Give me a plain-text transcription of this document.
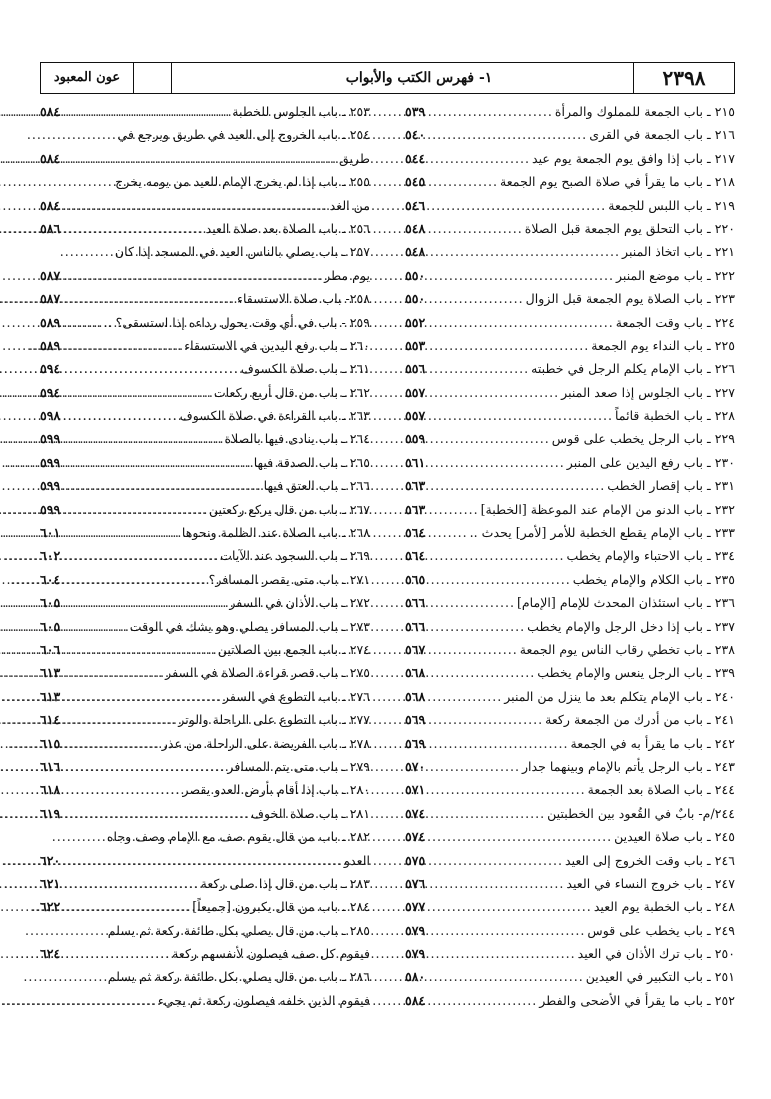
٢٣٩٨
١- فهرس الكتب والأبواب
عون المعبود
٢١٥ ـ باب الجمعة للمملوك والمرأة
.....
٥٣٩
٢١٦ ـ باب الجمعة في القرى
.....
٥٤٠
٢١٧ ـ باب إذا وافق يوم الجمعة يوم عيد
.....
٥٤٤
٢١٨ ـ باب ما يقرأ في صلاة الصبح يوم الجمعة
.....
٥٤٥
٢١٩ ـ باب اللبس للجمعة
.....
٥٤٦
٢٢٠ ـ باب التحلق يوم الجمعة قبل الصلاة
.....
٥٤٨
٢٢١ ـ باب اتخاذ المنبر
.....
٥٤٨
٢٢٢ ـ باب موضع المنبر
.....
٥٥٠
٢٢٣ ـ باب الصلاة يوم الجمعة قبل الزوال
.....
٥٥٠
٢٢٤ ـ باب وقت الجمعة
.....
٥٥٢
٢٢٥ ـ باب النداء يوم الجمعة
.....
٥٥٣
٢٢٦ ـ باب الإمام يكلم الرجل في خطبته
.....
٥٥٦
٢٢٧ ـ باب الجلوس إذا صعد المنبر
.....
٥٥٧
٢٢٨ ـ باب الخطبة قائماً
.....
٥٥٧
٢٢٩ ـ باب الرجل يخطب على قوس
.....
٥٥٩
٢٣٠ ـ باب رفع اليدين على المنبر
.....
٥٦١
٢٣١ ـ باب إقصار الخطب
.....
٥٦٣
٢٣٢ ـ باب الدنو من الإمام عند الموعظة [الخطبة]
.....
٥٦٣
٢٣٣ ـ باب الإمام يقطع الخطبة للأمر [لأمر] يحدث ..
.....
٥٦٤
٢٣٤ ـ باب الاحتباء والإمام يخطب
.....
٥٦٤
٢٣٥ ـ باب الكلام والإمام يخطب
.....
٥٦٥
٢٣٦ ـ باب استئذان المحدث للإمام [الإمام]
.....
٥٦٦
٢٣٧ ـ باب إذا دخل الرجل والإمام يخطب
.....
٥٦٦
٢٣٨ ـ باب تخطي رقاب الناس يوم الجمعة
.....
٥٦٧
٢٣٩ ـ باب الرجل ينعس والإمام يخطب
.....
٥٦٨
٢٤٠ ـ باب الإمام يتكلم بعد ما ينزل من المنبر
.....
٥٦٨
٢٤١ ـ باب من أدرك من الجمعة ركعة
.....
٥٦٩
٢٤٢ ـ باب ما يقرأ به في الجمعة
.....
٥٦٩
٢٤٣ ـ باب الرجل يأتم بالإمام وبينهما جدار
.....
٥٧٠
٢٤٤ ـ باب الصلاة بعد الجمعة
.....
٥٧١
٢٤٤/م- بابٌ في القُعود بين الخطبتين
.....
٥٧٤
٢٤٥ ـ باب صلاة العيدين
.....
٥٧٤
٢٤٦ ـ باب وقت الخروج إلى العيد
.....
٥٧٥
٢٤٧ ـ باب خروج النساء في العيد
.....
٥٧٦
٢٤٨ ـ باب الخطبة يوم العيد
.....
٥٧٧
٢٤٩ ـ باب يخطب على قوس
.....
٥٧٩
٢٥٠ ـ باب ترك الأذان في العيد
.....
٥٧٩
٢٥١ ـ باب التكبير في العيدين
.....
٥٨٠
٢٥٢ ـ باب ما يقرأ في الأضحى والفطر
.....
٥٨٤
٢٥٣ ـ باب الجلوس للخطبة
.....
٥٨٤
٢٥٤ ـ باب الخروج إلى العيد في طريق ويرجع في
طريق
.....
٥٨٤
٢٥٥ ـ باب إذا لم يخرج الإمام للعيد من يومه يخرج
من الغد
.....
٥٨٤
٢٥٦ ـ باب الصلاة بعد صلاة العيد
.....
٥٨٦
٢٥٧ ـ باب يصلي بالناس العيد في المسجد إذا كان
يوم مطر
.....
٥٨٧
٢٥٨- باب صلاة الاستسقاء
.....
٥٨٧
٢٥٩ - باب في أي وقت يحول رداءه إذا استسقى؟ ..
.....
٥٨٩
٢٦٠ ـ باب رفع اليدين في الاستسقاء
.....
٥٨٩
٢٦١ ـ باب صلاة الكسوف
.....
٥٩٤
٢٦٢ ـ باب من قال أربع ركعات
.....
٥٩٤
٢٦٣ ـ باب القراءة في صلاة الكسوف
.....
٥٩٨
٢٦٤ ـ باب ينادى فيها بالصلاة
.....
٥٩٩
٢٦٥ ـ باب الصدقة فيها
.....
٥٩٩
٢٦٦ ـ باب العتق فيها
.....
٥٩٩
٢٦٧ ـ باب من قال يركع ركعتين
.....
٥٩٩
٢٦٨ ـ باب الصلاة عند الظلمة ونحوها
.....
٦٠١
٢٦٩ ـ باب السجود عند الآيات
.....
٦٠٢
٢٧١ ـ باب متى يقصر المسافر؟
.....
٦٠٤
٢٧٢ ـ باب الأذان في السفر
.....
٦٠٥
٢٧٣ ـ باب المسافر يصلي وهو يشك في الوقت
.....
٦٠٥
٢٧٤ ـ باب الجمع بين الصلاتين
.....
٦٠٦
٢٧٥ ـ باب قصر قراءة الصلاة في السفر
.....
٦١٣
٢٧٦ ـ باب التطوع في السفر
.....
٦١٣
٢٧٧ ـ باب التطوع على الراحلة والوتر
.....
٦١٤
٢٧٨ ـ باب الفريضة على الراحلة من عذر
.....
٦١٥
٢٧٩ ـ باب متى يتم المسافر
.....
٦١٦
٢٨٠ ـ باب إذا أقام بأرض العدو يقصر
.....
٦١٨
٢٨١ ـ باب صلاة الخوف
.....
٦١٩
٢٨٢ ـ باب من قال يقوم صف مع الإمام وصف وجاه
العدو
.....
٦٢٠
٢٨٣ ـ باب من قال إذا صلى ركعة
.....
٦٢١
٢٨٤ ـ باب من قال يكبرون [جميعاً]
.....
٦٢٢
٢٨٥ ـ باب من قال يصلي بكل طائفة ركعة ثم يسلم
فيقوم كل صف فيصلون لأنفسهم ركعة
.....
٦٢٤
٢٨٦ ـ باب من قال يصلي بكل طائفة ركعة ثم يسلم
فيقوم الذين خلفه فيصلون ركعة ثم يجيء
.....
